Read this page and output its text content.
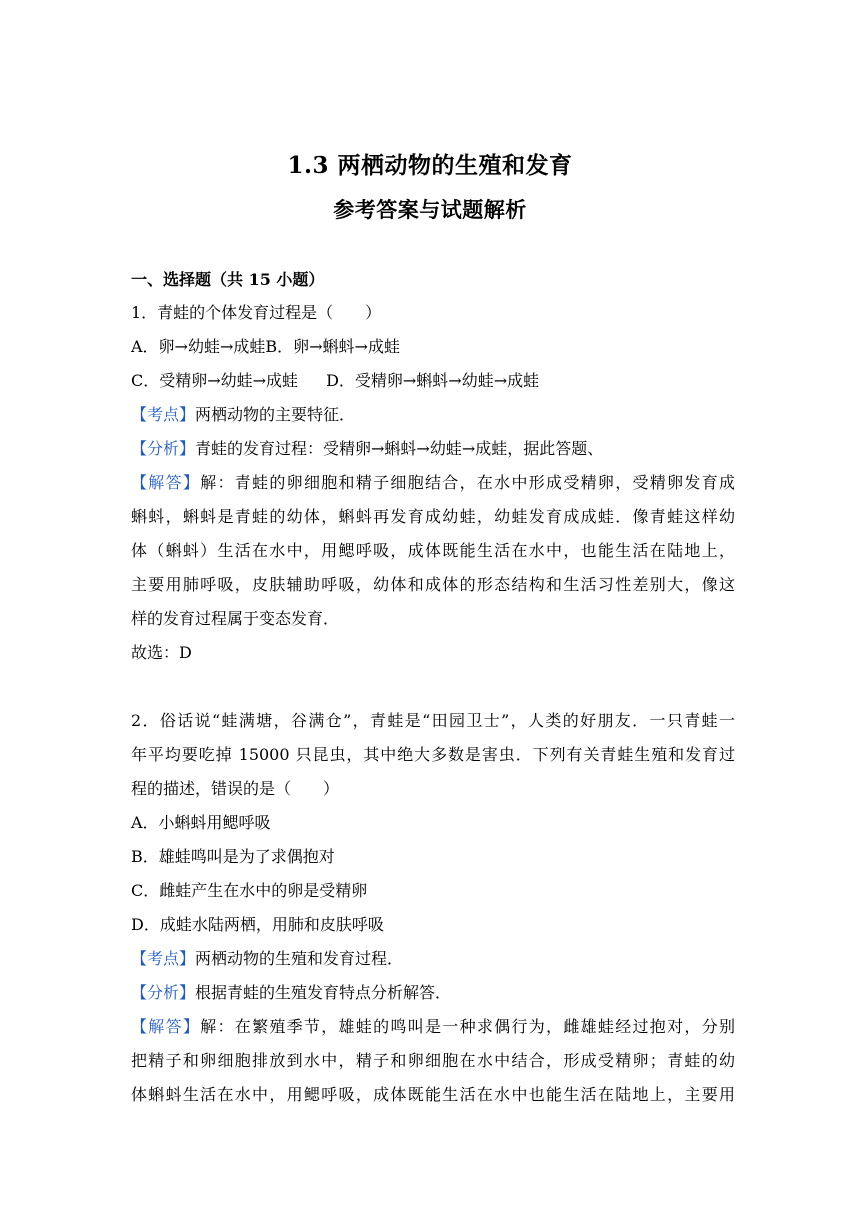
1.3 两栖动物的生殖和发育
参考答案与试题解析
一、选择题（共 15 小题）
1．青蛙的个体发育过程是（　　）
A．卵→幼蛙→成蛙B．卵→蝌蚪→成蛙
C．受精卵→幼蛙→成蛙 D．受精卵→蝌蚪→幼蛙→成蛙
【考点】两栖动物的主要特征．
【分析】青蛙的发育过程：受精卵→蝌蚪→幼蛙→成蛙，据此答题、
【解答】解：青蛙的卵细胞和精子细胞结合，在水中形成受精卵，受精卵发育成
蝌蚪，蝌蚪是青蛙的幼体，蝌蚪再发育成幼蛙，幼蛙发育成成蛙．像青蛙这样幼
体（蝌蚪）生活在水中，用鳃呼吸，成体既能生活在水中，也能生活在陆地上，
主要用肺呼吸，皮肤辅助呼吸，幼体和成体的形态结构和生活习性差别大，像这
样的发育过程属于变态发育．
故选：D
2．俗话说“蛙满塘，谷满仓”，青蛙是“田园卫士”，人类的好朋友．一只青蛙一
年平均要吃掉 15000 只昆虫，其中绝大多数是害虫．下列有关青蛙生殖和发育过
程的描述，错误的是（　　）
A．小蝌蚪用鳃呼吸
B．雄蛙鸣叫是为了求偶抱对
C．雌蛙产生在水中的卵是受精卵
D．成蛙水陆两栖，用肺和皮肤呼吸
【考点】两栖动物的生殖和发育过程．
【分析】根据青蛙的生殖发育特点分析解答．
【解答】解：在繁殖季节，雄蛙的鸣叫是一种求偶行为，雌雄蛙经过抱对，分别
把精子和卵细胞排放到水中，精子和卵细胞在水中结合，形成受精卵；青蛙的幼
体蝌蚪生活在水中，用鳃呼吸，成体既能生活在水中也能生活在陆地上，主要用
